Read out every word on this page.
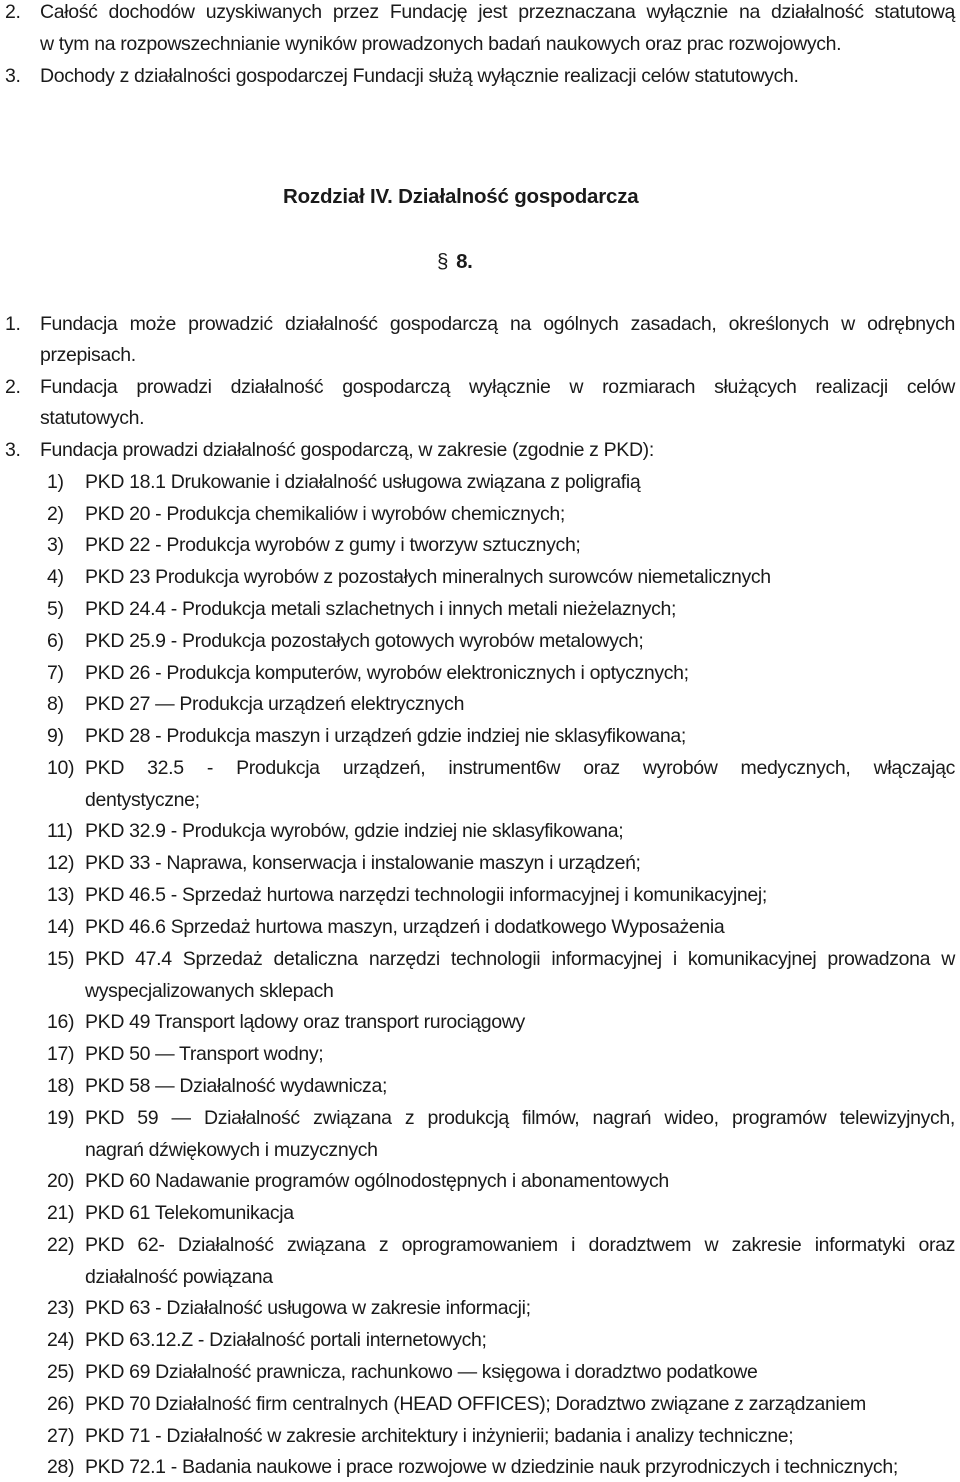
2. Całość dochodów uzyskiwanych przez Fundację jest przeznaczana wyłącznie na działalność statutową
w tym na rozpowszechnianie wyników prowadzonych badań naukowych oraz prac rozwojowych.
3. Dochody z działalności gospodarczej Fundacji służą wyłącznie realizacji celów statutowych.
Rozdział IV. Działalność gospodarcza
§ 8.
1. Fundacja może prowadzić działalność gospodarczą na ogólnych zasadach, określonych w odrębnych
przepisach.
2. Fundacja prowadzi działalność gospodarczą wyłącznie w rozmiarach służących realizacji celów
statutowych.
3. Fundacja prowadzi działalność gospodarczą, w zakresie (zgodnie z PKD):
1) PKD 18.1 Drukowanie i działalność usługowa związana z poligrafią
2) PKD 20 - Produkcja chemikaliów i wyrobów chemicznych;
3) PKD 22 - Produkcja wyrobów z gumy i tworzyw sztucznych;
4) PKD 23 Produkcja wyrobów z pozostałych mineralnych surowców niemetalicznych
5) PKD 24.4 - Produkcja metali szlachetnych i innych metali nieżelaznych;
6) PKD 25.9 - Produkcja pozostałych gotowych wyrobów metalowych;
7) PKD 26 - Produkcja komputerów, wyrobów elektronicznych i optycznych;
8) PKD 27 — Produkcja urządzeń elektrycznych
9) PKD 28 - Produkcja maszyn i urządzeń gdzie indziej nie sklasyfikowana;
10) PKD 32.5 - Produkcja urządzeń, instrument6w oraz wyrobów medycznych, włączając
dentystyczne;
11) PKD 32.9 - Produkcja wyrobów, gdzie indziej nie sklasyfikowana;
12) PKD 33 - Naprawa, konserwacja i instalowanie maszyn i urządzeń;
13) PKD 46.5 - Sprzedaż hurtowa narzędzi technologii informacyjnej i komunikacyjnej;
14) PKD 46.6 Sprzedaż hurtowa maszyn, urządzeń i dodatkowego Wyposażenia
15) PKD 47.4 Sprzedaż detaliczna narzędzi technologii informacyjnej i komunikacyjnej prowadzona w
wyspecjalizowanych sklepach
16) PKD 49 Transport lądowy oraz transport rurociągowy
17) PKD 50 — Transport wodny;
18) PKD 58 — Działalność wydawnicza;
19) PKD 59 — Działalność związana z produkcją filmów, nagrań wideo, programów telewizyjnych,
nagrań dźwiękowych i muzycznych
20) PKD 60 Nadawanie programów ogólnodostępnych i abonamentowych
21) PKD 61 Telekomunikacja
22) PKD 62- Działalność związana z oprogramowaniem i doradztwem w zakresie informatyki oraz
działalność powiązana
23) PKD 63 - Działalność usługowa w zakresie informacji;
24) PKD 63.12.Z - Działalność portali internetowych;
25) PKD 69 Działalność prawnicza, rachunkowo — księgowa i doradztwo podatkowe
26) PKD 70 Działalność firm centralnych (HEAD OFFICES); Doradztwo związane z zarządzaniem
27) PKD 71 - Działalność w zakresie architektury i inżynierii; badania i analizy techniczne;
28) PKD 72.1 - Badania naukowe i prace rozwojowe w dziedzinie nauk przyrodniczych i technicznych;
